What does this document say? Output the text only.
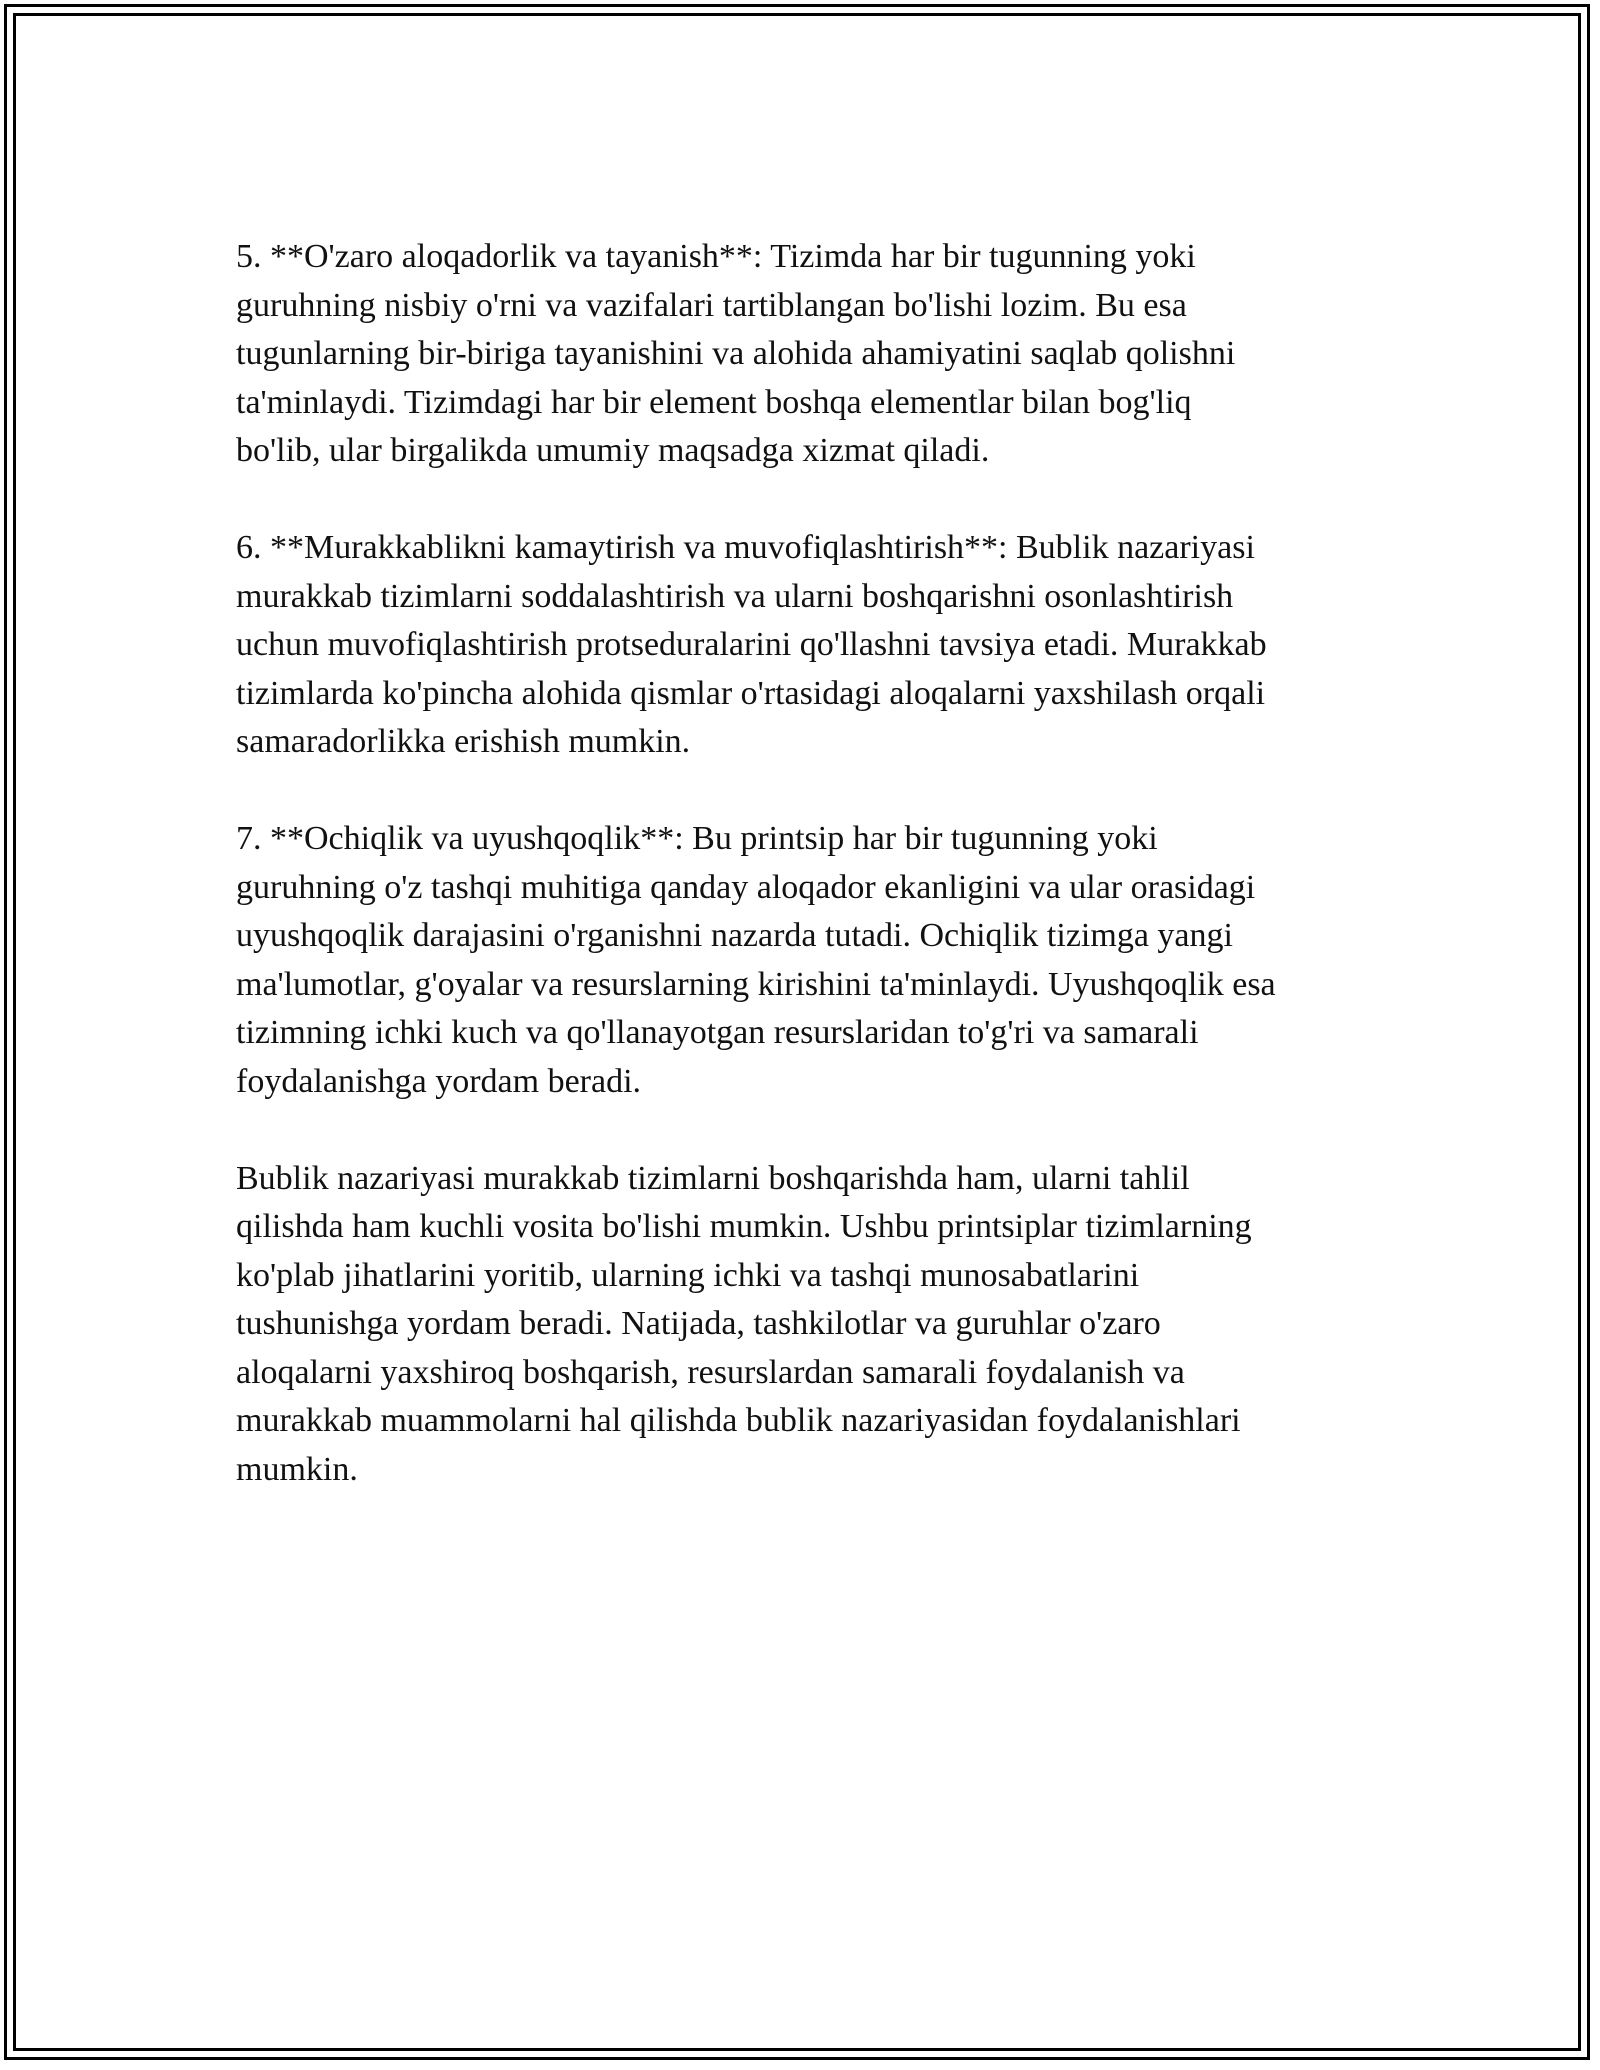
5. **O'zaro aloqadorlik va tayanish**: Tizimda har bir tugunning yoki
guruhning nisbiy o'rni va vazifalari tartiblangan bo'lishi lozim. Bu esa
tugunlarning bir-biriga tayanishini va alohida ahamiyatini saqlab qolishni
ta'minlaydi. Tizimdagi har bir element boshqa elementlar bilan bog'liq
bo'lib, ular birgalikda umumiy maqsadga xizmat qiladi.

6. **Murakkablikni kamaytirish va muvofiqlashtirish**: Bublik nazariyasi
murakkab tizimlarni soddalashtirish va ularni boshqarishni osonlashtirish
uchun muvofiqlashtirish protseduralarini qo'llashni tavsiya etadi. Murakkab
tizimlarda ko'pincha alohida qismlar o'rtasidagi aloqalarni yaxshilash orqali
samaradorlikka erishish mumkin.

7. **Ochiqlik va uyushqoqlik**: Bu printsip har bir tugunning yoki
guruhning o'z tashqi muhitiga qanday aloqador ekanligini va ular orasidagi
uyushqoqlik darajasini o'rganishni nazarda tutadi. Ochiqlik tizimga yangi
ma'lumotlar, g'oyalar va resurslarning kirishini ta'minlaydi. Uyushqoqlik esa
tizimning ichki kuch va qo'llanayotgan resurslaridan to'g'ri va samarali
foydalanishga yordam beradi.

Bublik nazariyasi murakkab tizimlarni boshqarishda ham, ularni tahlil
qilishda ham kuchli vosita bo'lishi mumkin. Ushbu printsiplar tizimlarning
ko'plab jihatlarini yoritib, ularning ichki va tashqi munosabatlarini
tushunishga yordam beradi. Natijada, tashkilotlar va guruhlar o'zaro
aloqalarni yaxshiroq boshqarish, resurslardan samarali foydalanish va
murakkab muammolarni hal qilishda bublik nazariyasidan foydalanishlari
mumkin.
